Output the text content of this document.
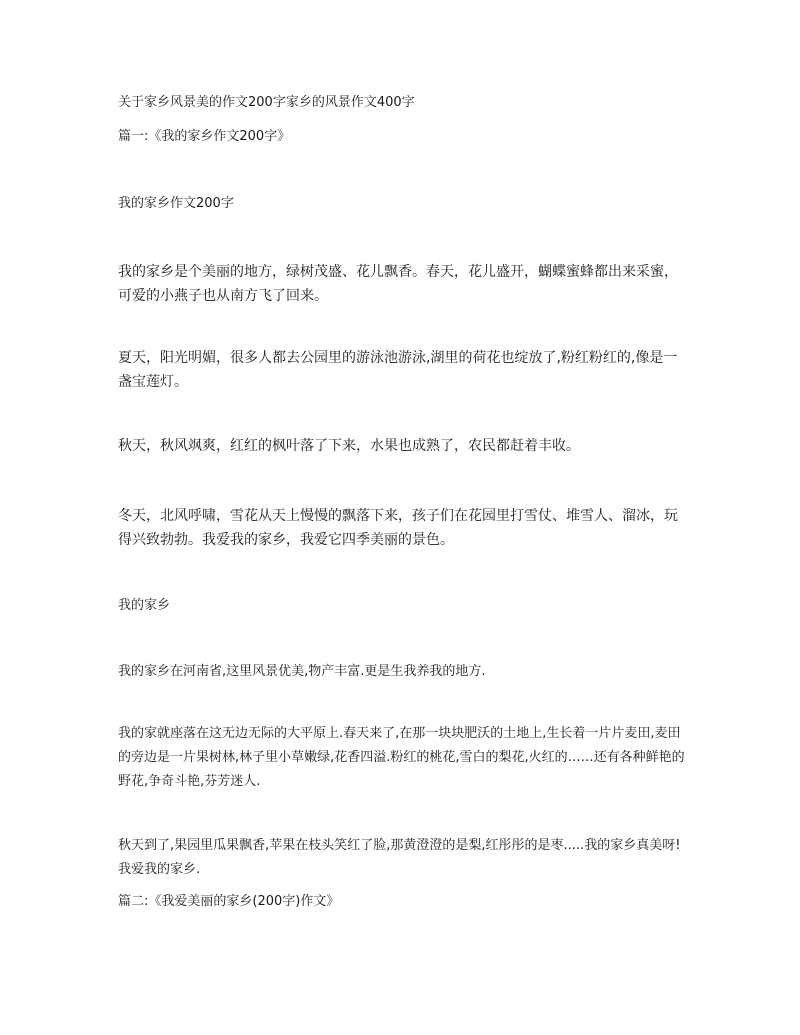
关于家乡风景美的作文200字家乡的风景作文400字
篇一:《我的家乡作文200字》
我的家乡作文200字
我的家乡是个美丽的地方，绿树茂盛、花儿飘香。春天，花儿盛开，蝴蝶蜜蜂都出来采蜜，可爱的小燕子也从南方飞了回来。
夏天，阳光明媚，很多人都去公园里的游泳池游泳,湖里的荷花也绽放了,粉红粉红的,像是一盏宝莲灯。
秋天，秋风飒爽，红红的枫叶落了下来，水果也成熟了，农民都赶着丰收。
冬天，北风呼啸，雪花从天上慢慢的飘落下来，孩子们在花园里打雪仗、堆雪人、溜冰，玩得兴致勃勃。我爱我的家乡，我爱它四季美丽的景色。
我的家乡
我的家乡在河南省,这里风景优美,物产丰富.更是生我养我的地方.
我的家就座落在这无边无际的大平原上.春天来了,在那一块块肥沃的土地上,生长着一片片麦田,麦田的旁边是一片果树林,林子里小草嫩绿,花香四溢.粉红的桃花,雪白的梨花,火红的……还有各种鲜艳的野花,争奇斗艳,芬芳迷人.
秋天到了,果园里瓜果飘香,苹果在枝头笑红了脸,那黄澄澄的是梨,红彤彤的是枣.....我的家乡真美呀!我爱我的家乡.
篇二:《我爱美丽的家乡(200字)作文》
